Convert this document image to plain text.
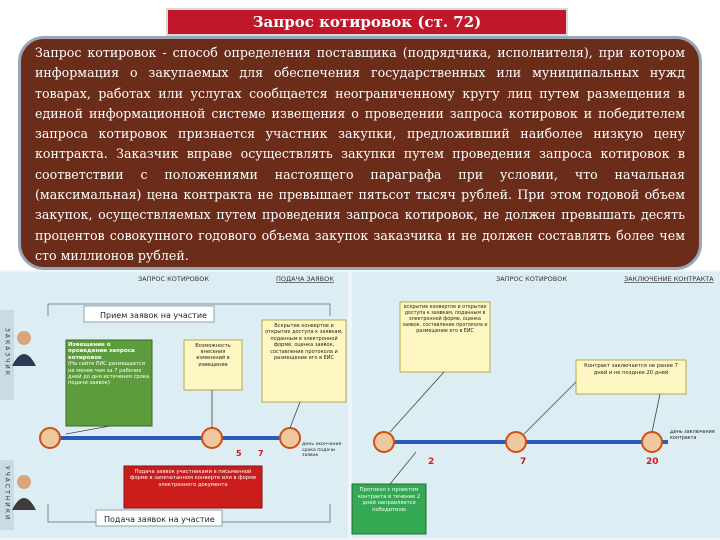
Запрос котировок (ст. 72)

Запрос котировок - способ определения поставщика (подрядчика, исполнителя), при котором информация о закупаемых для обеспечения государственных или муниципальных нужд товарах, работах или услугах сообщается неограниченному кругу лиц путем размещения в единой информационной системе извещения о проведении запроса котировок и победителем запроса котировок признается участник закупки, предложивший наиболее низкую цену контракта. Заказчик вправе осуществлять закупки путем проведения запроса котировок в соответствии с положениями настоящего параграфа при условии, что начальная (максимальная) цена контракта не превышает пятьсот тысяч рублей. При этом годовой объем закупок, осуществляемых путем проведения запроса котировок, не должен превышать десять процентов совокупного годового объема закупок заказчика и не должен составлять более чем сто миллионов рублей.

ЗАКАЗЧИК
УЧАСТНИКИ
ЗАПРОС КОТИРОВОК	ПОДАЧА ЗАЯВОК
Прием заявок на участие
Извещение о проведении запроса котировок
(На сайте ЕИС размещается не менее чем за 7 рабочих дней до дня истечения срока подачи заявок)
Возможность внесения изменений в извещение
Вскрытие конвертов и открытие доступа к заявкам, поданным в электронной форме, оценка заявок, составление протокола и размещение его в ЕИС
5 7
День окончания срока подачи заявок
Подача заявок участниками в письменной форме в запечатанном конверте или в форме электронного документа
Подача заявок на участие
ЗАПРОС КОТИРОВОК	ЗАКЛЮЧЕНИЕ КОНТРАКТА
Вскрытие конвертов и открытие доступа к заявкам, поданным в электронной форме, оценка заявок, составление протокола и размещение его в ЕИС
Контракт заключается не ранее 7 дней и не позднее 20 дней
2	7	20
День заключения контракта
Протокол с проектом контракта в течение 2 дней направляется победителю
